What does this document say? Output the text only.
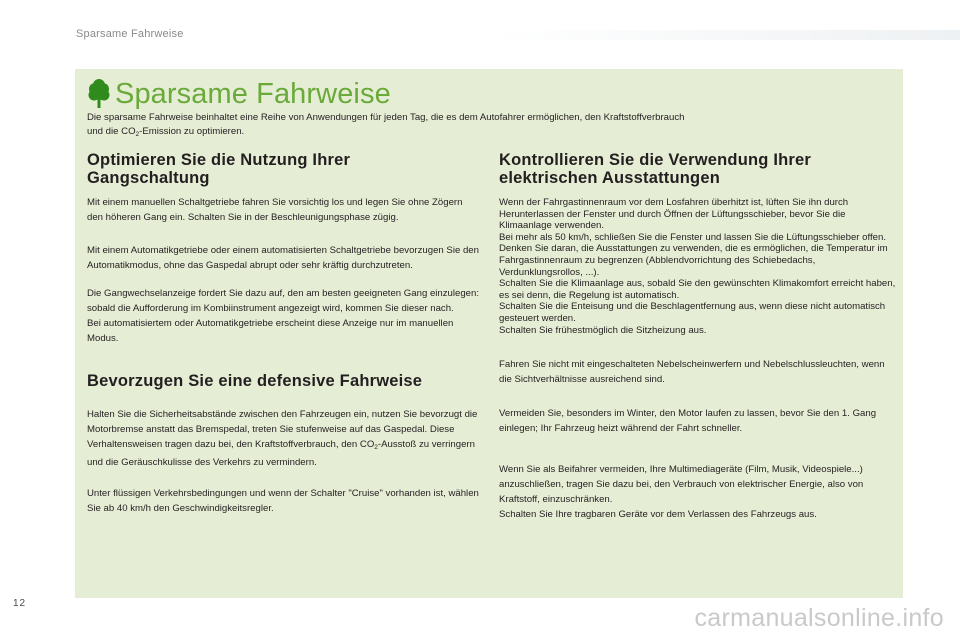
Sparsame Fahrweise
Sparsame Fahrweise
Die sparsame Fahrweise beinhaltet eine Reihe von Anwendungen für jeden Tag, die es dem Autofahrer ermöglichen, den Kraftstoffverbrauch
und die $CO_2$-Emission zu optimieren.
Optimieren Sie die Nutzung Ihrer
Gangschaltung

Mit einem manuellen Schaltgetriebe fahren Sie vorsichtig los und legen Sie ohne Zögern den höheren Gang ein. Schalten Sie in der Beschleunigungsphase zügig.

Mit einem Automatikgetriebe oder einem automatisierten Schaltgetriebe bevorzugen Sie den Automatikmodus, ohne das Gaspedal abrupt oder sehr kräftig durchzutreten.

Die Gangwechselanzeige fordert Sie dazu auf, den am besten geeigneten Gang einzulegen: sobald die Aufforderung im Kombiinstrument angezeigt wird, kommen Sie dieser nach.
Bei automatisiertem oder Automatikgetriebe erscheint diese Anzeige nur im manuellen Modus.

Bevorzugen Sie eine defensive Fahrweise

Halten Sie die Sicherheitsabstände zwischen den Fahrzeugen ein, nutzen Sie bevorzugt die Motorbremse anstatt das Bremspedal, treten Sie stufenweise auf das Gaspedal. Diese Verhaltensweisen tragen dazu bei, den Kraftstoffverbrauch, den $CO_2$-Ausstoß zu verringern und die Geräuschkulisse des Verkehrs zu vermindern.

Unter flüssigen Verkehrsbedingungen und wenn der Schalter "Cruise" vorhanden ist, wählen Sie ab 40 km/h den Geschwindigkeitsregler.

Kontrollieren Sie die Verwendung Ihrer
elektrischen Ausstattungen

Wenn der Fahrgastinnenraum vor dem Losfahren überhitzt ist, lüften Sie ihn durch Herunterlassen der Fenster und durch Öffnen der Lüftungsschieber, bevor Sie die Klimaanlage verwenden.
Bei mehr als 50 km/h, schließen Sie die Fenster und lassen Sie die Lüftungsschieber offen.
Denken Sie daran, die Ausstattungen zu verwenden, die es ermöglichen, die Temperatur im Fahrgastinnenraum zu begrenzen (Abblendvorrichtung des Schiebedachs, Verdunklungsrollos, ...).
Schalten Sie die Klimaanlage aus, sobald Sie den gewünschten Klimakomfort erreicht haben, es sei denn, die Regelung ist automatisch.
Schalten Sie die Enteisung und die Beschlagentfernung aus, wenn diese nicht automatisch gesteuert werden.
Schalten Sie frühestmöglich die Sitzheizung aus.

Fahren Sie nicht mit eingeschalteten Nebelscheinwerfern und Nebelschlussleuchten, wenn die Sichtverhältnisse ausreichend sind.

Vermeiden Sie, besonders im Winter, den Motor laufen zu lassen, bevor Sie den 1. Gang einlegen; Ihr Fahrzeug heizt während der Fahrt schneller.

Wenn Sie als Beifahrer vermeiden, Ihre Multimediageräte (Film, Musik, Videospiele...) anzuschließen, tragen Sie dazu bei, den Verbrauch von elektrischer Energie, also von Kraftstoff, einzuschränken.
Schalten Sie Ihre tragbaren Geräte vor dem Verlassen des Fahrzeugs aus.

12
carmanualsonline.info
